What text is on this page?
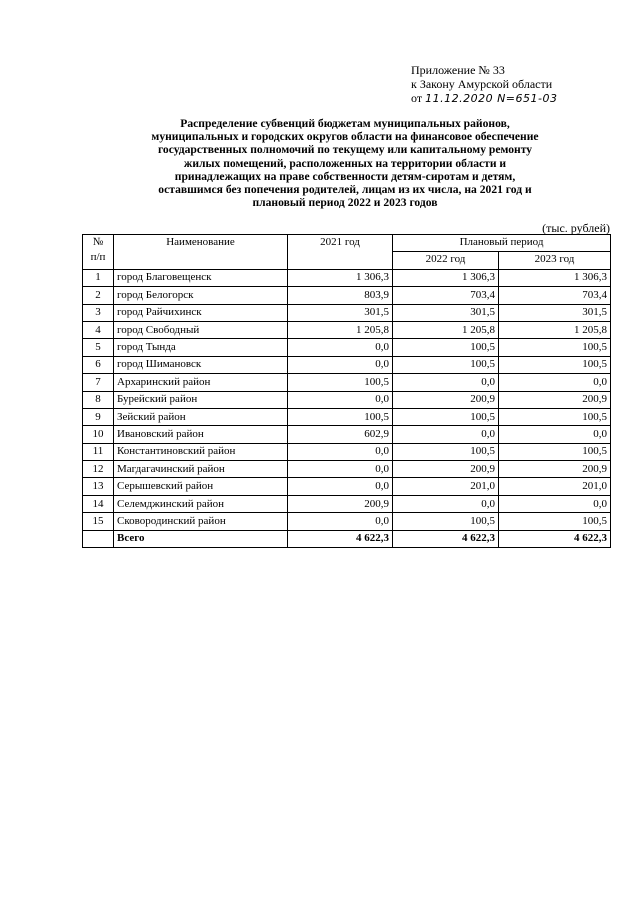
Приложение № 33
к Закону Амурской области
от 11.12.2020 N=651-03
Распределение субвенций бюджетам муниципальных районов,
муниципальных и городских округов области на финансовое обеспечение
государственных полномочий по текущему или капитальному ремонту
жилых помещений, расположенных на территории области и
принадлежащих на праве собственности детям-сиротам и детям,
оставшимся без попечения родителей, лицам из их числа, на 2021 год и
плановый период 2022 и 2023 годов
(тыс. рублей)
№
п/п	Наименование	2021 год	Плановый период	
			2022 год	2023 год
1	город Благовещенск	1 306,3	1 306,3	1 306,3
2	город Белогорск	803,9	703,4	703,4
3	город Райчихинск	301,5	301,5	301,5
4	город Свободный	1 205,8	1 205,8	1 205,8
5	город Тында	0,0	100,5	100,5
6	город Шимановск	0,0	100,5	100,5
7	Архаринский район	100,5	0,0	0,0
8	Бурейский район	0,0	200,9	200,9
9	Зейский район	100,5	100,5	100,5
10	Ивановский район	602,9	0,0	0,0
11	Константиновский район	0,0	100,5	100,5
12	Магдагачинский район	0,0	200,9	200,9
13	Серышевский район	0,0	201,0	201,0
14	Селемджинский район	200,9	0,0	0,0
15	Сковородинский район	0,0	100,5	100,5
	Всего	4 622,3	4 622,3	4 622,3
